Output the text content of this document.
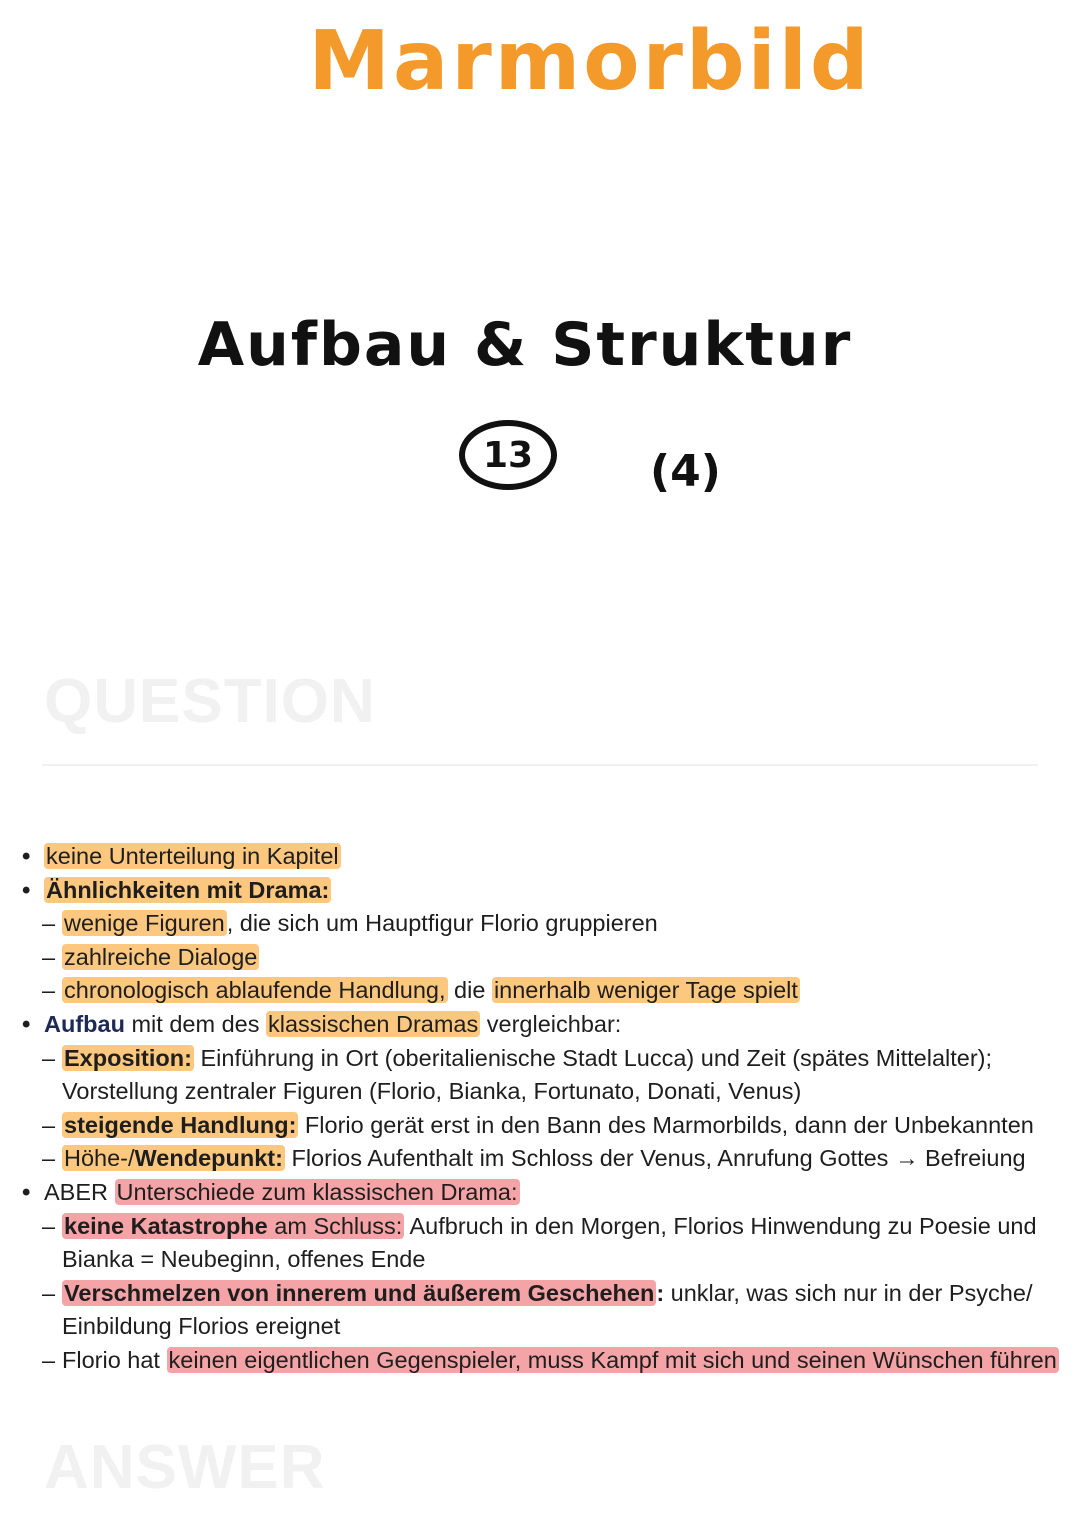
Marmorbild
Aufbau & Struktur
13	(4)
QUESTION
• keine Unterteilung in Kapitel
• Ähnlichkeiten mit Drama:
– wenige Figuren, die sich um Hauptfigur Florio gruppieren
– zahlreiche Dialoge
– chronologisch ablaufende Handlung, die innerhalb weniger Tage spielt
• Aufbau mit dem des klassischen Dramas vergleichbar:
– Exposition: Einführung in Ort (oberitalienische Stadt Lucca) und Zeit (spätes Mittelalter);
Vorstellung zentraler Figuren (Florio, Bianka, Fortunato, Donati, Venus)
– steigende Handlung: Florio gerät erst in den Bann des Marmorbilds, dann der Unbekannten
– Höhe-/Wendepunkt: Florios Aufenthalt im Schloss der Venus, Anrufung Gottes → Befreiung
• ABER Unterschiede zum klassischen Drama:
– keine Katastrophe am Schluss: Aufbruch in den Morgen, Florios Hinwendung zu Poesie und
Bianka = Neubeginn, offenes Ende
– Verschmelzen von innerem und äußerem Geschehen: unklar, was sich nur in der Psyche/
Einbildung Florios ereignet
– Florio hat keinen eigentlichen Gegenspieler, muss Kampf mit sich und seinen Wünschen führen
ANSWER
